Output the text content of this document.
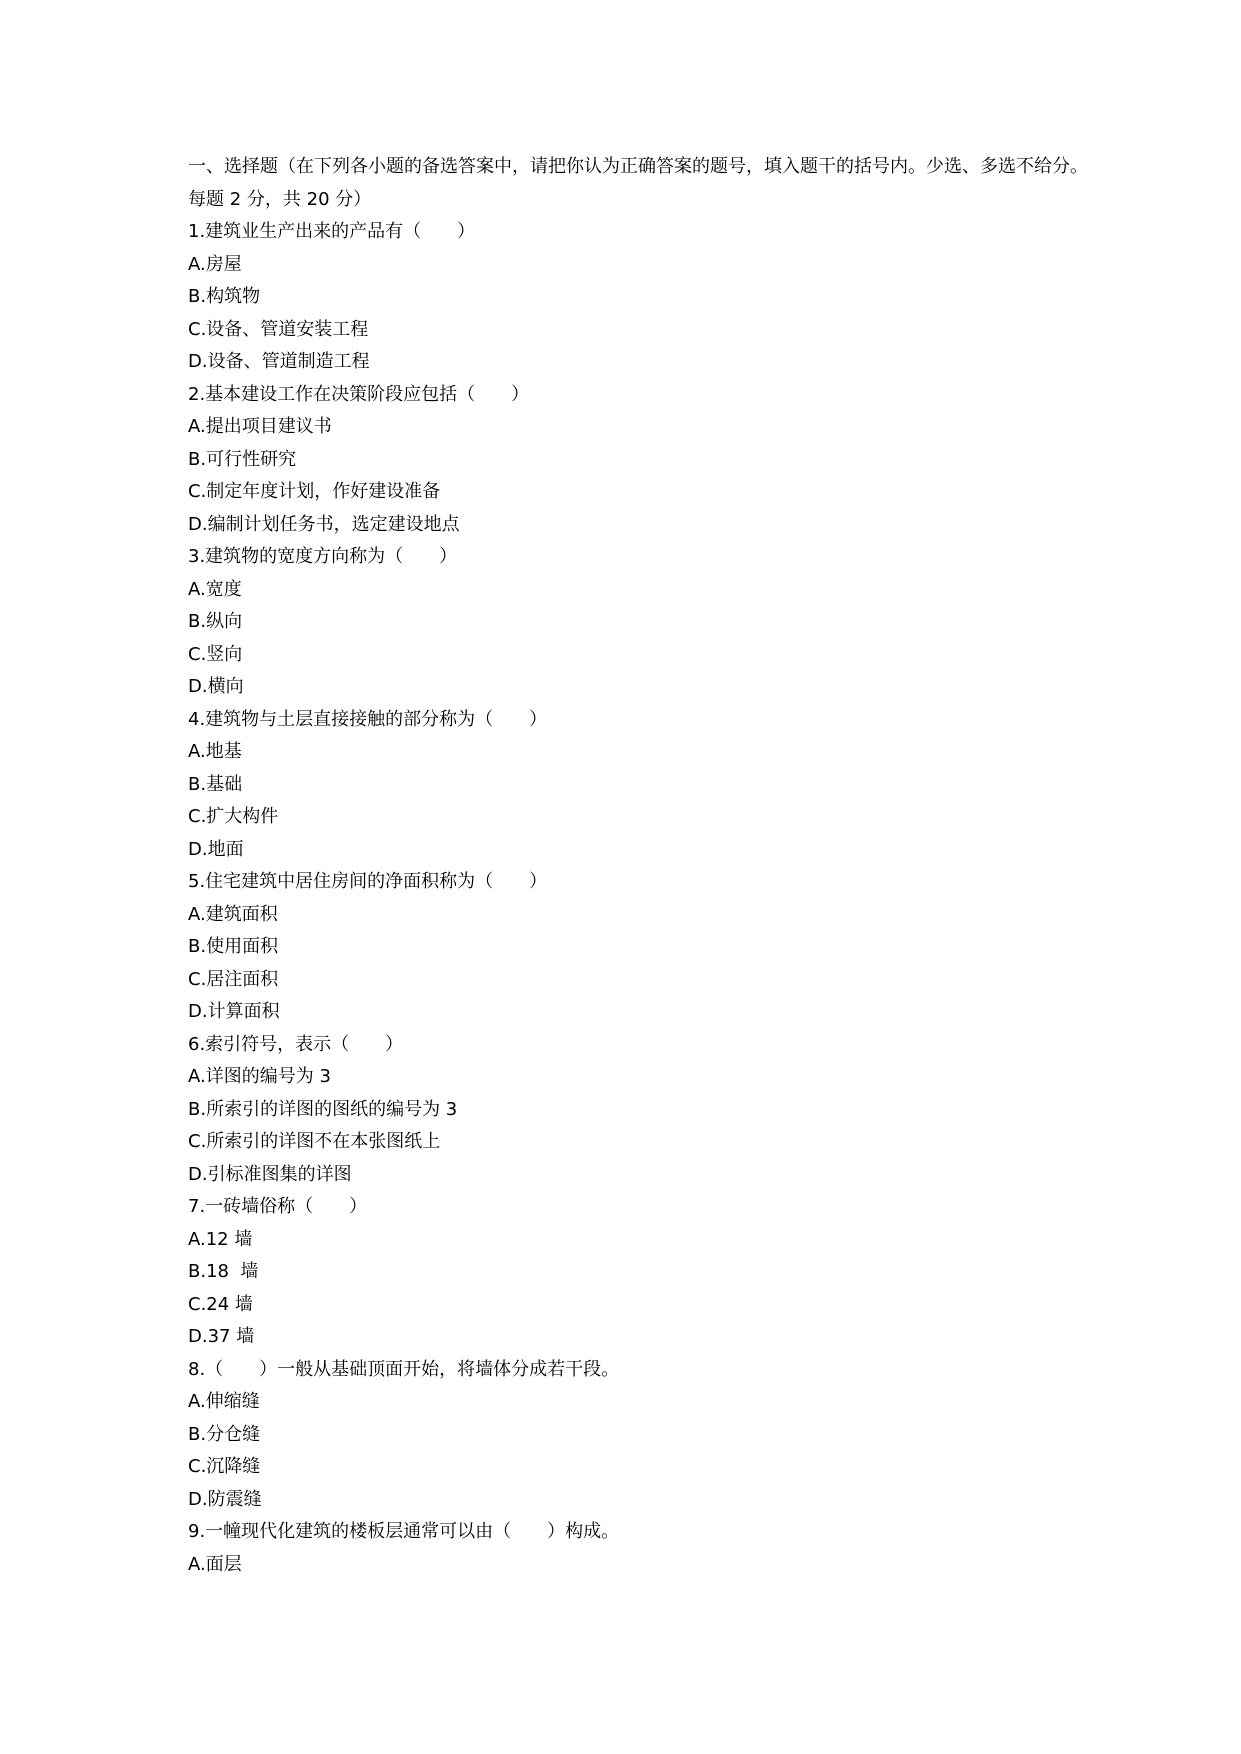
一、选择题（在下列各小题的备选答案中，请把你认为正确答案的题号，填入题干的括号内。少选、多选不给分。
每题 2 分，共 20 分）
1.建筑业生产出来的产品有（　　）
A.房屋
B.构筑物
C.设备、管道安装工程
D.设备、管道制造工程
2.基本建设工作在决策阶段应包括（　　）
A.提出项目建议书
B.可行性研究
C.制定年度计划，作好建设准备
D.编制计划任务书，选定建设地点
3.建筑物的宽度方向称为（　　）
A.宽度
B.纵向
C.竖向
D.横向
4.建筑物与土层直接接触的部分称为（　　）
A.地基
B.基础
C.扩大构件
D.地面
5.住宅建筑中居住房间的净面积称为（　　）
A.建筑面积
B.使用面积
C.居注面积
D.计算面积
6.索引符号，表示（　　）
A.详图的编号为 3
B.所索引的详图的图纸的编号为 3
C.所索引的详图不在本张图纸上
D.引标准图集的详图
7.一砖墙俗称（　　）
A.12 墙
B.18  墙
C.24 墙
D.37 墙
8.（　　）一般从基础顶面开始，将墙体分成若干段。
A.伸缩缝
B.分仓缝
C.沉降缝
D.防震缝
9.一幢现代化建筑的楼板层通常可以由（　　）构成。
A.面层
